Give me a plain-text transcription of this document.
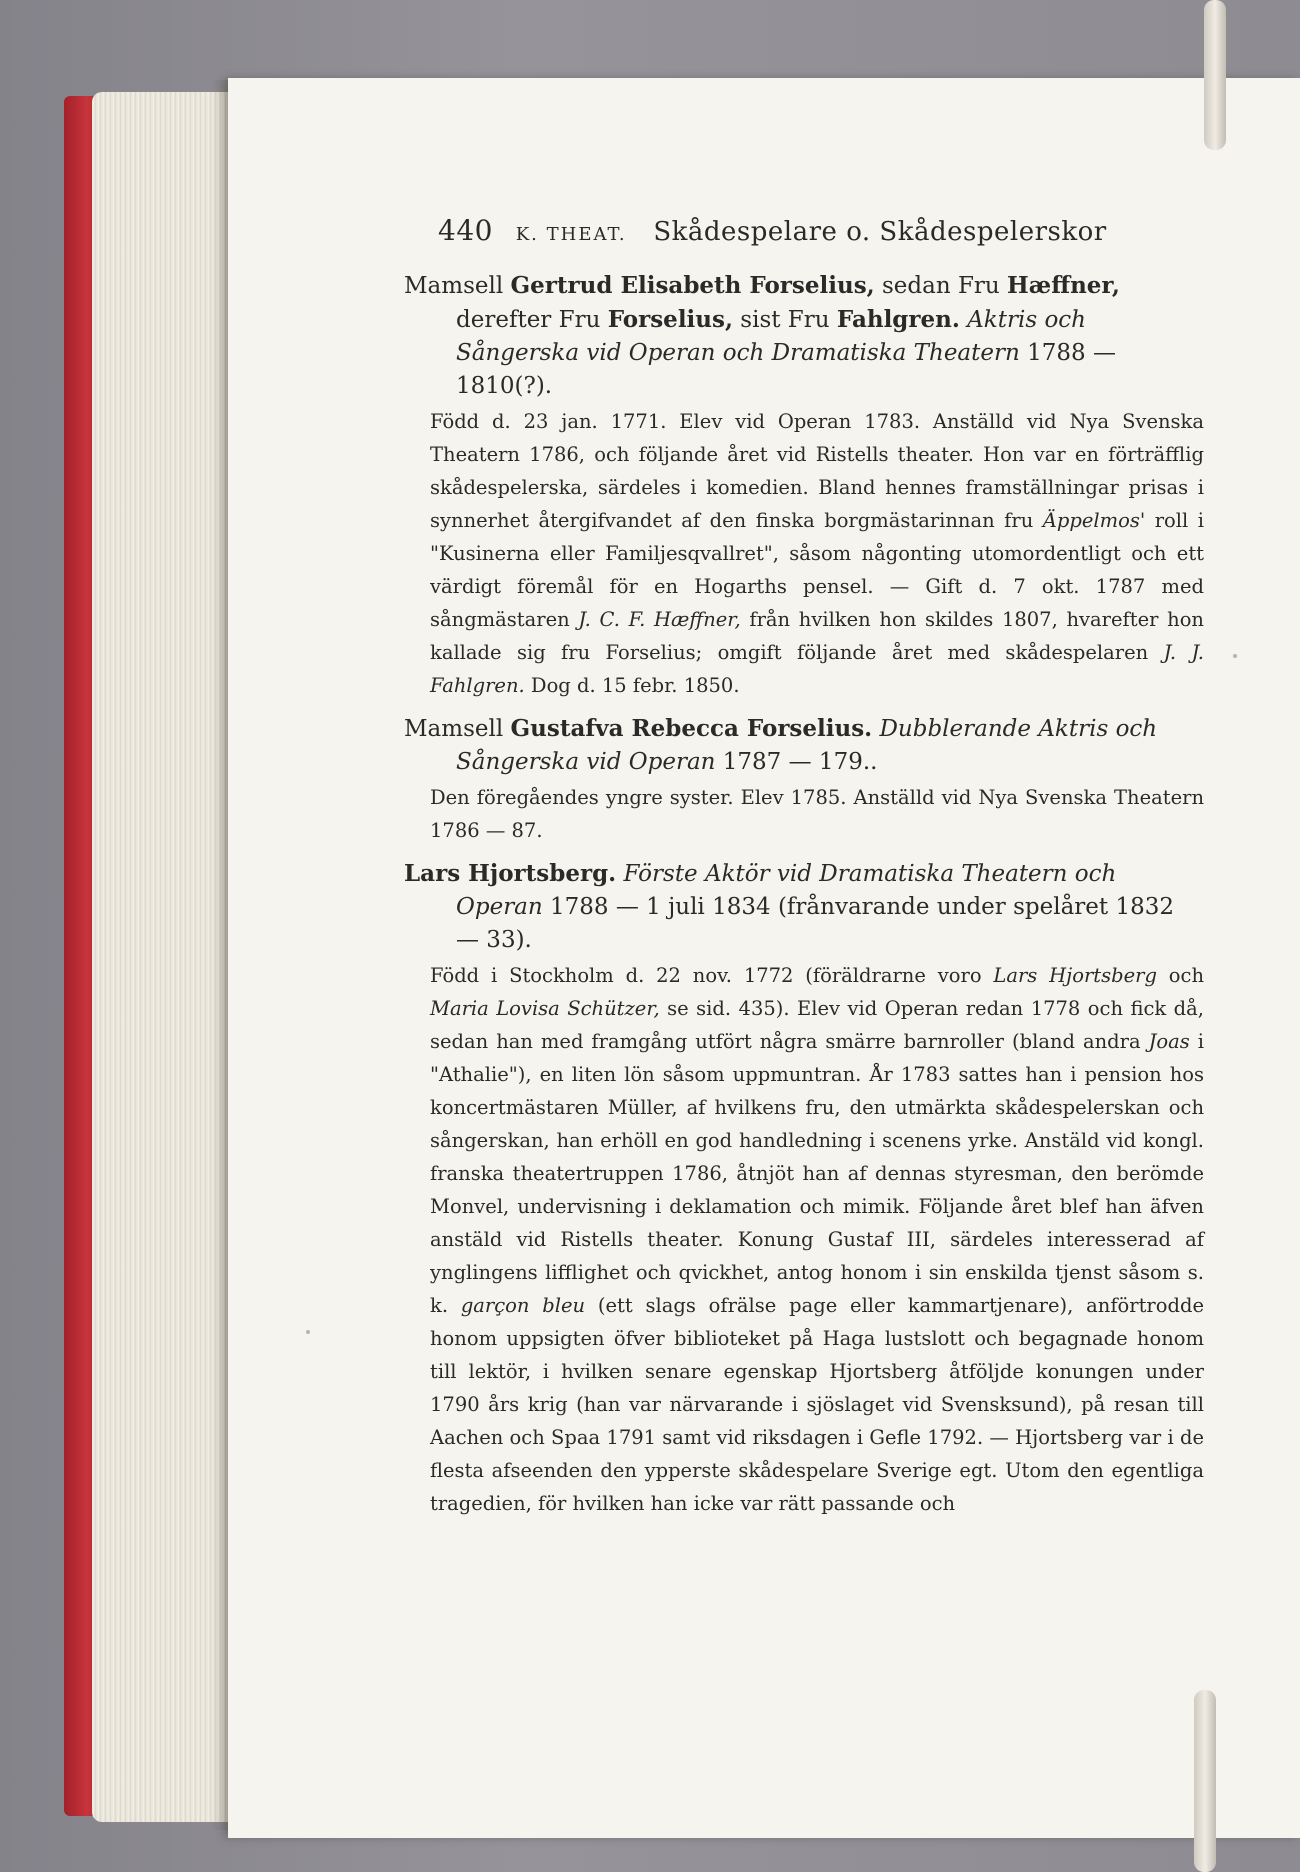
440 K. THEAT. Skådespelare o. Skådespelerskor
Mamsell Gertrud Elisabeth Forselius, sedan Fru Hæffner, derefter Fru Forselius, sist Fru Fahlgren. Aktris och Sångerska vid Operan och Dramatiska Theatern 1788 — 1810(?).
Född d. 23 jan. 1771. Elev vid Operan 1783. Anställd vid Nya Svenska Theatern 1786, och följande året vid Ristells theater. Hon var en förträfflig skådespelerska, särdeles i komedien. Bland hennes framställningar prisas i synnerhet återgifvandet af den finska borgmästarinnan fru Äppelmos' roll i "Kusinerna eller Familjesqvallret", såsom någonting utomordentligt och ett värdigt föremål för en Hogarths pensel. — Gift d. 7 okt. 1787 med sångmästaren J. C. F. Hæffner, från hvilken hon skildes 1807, hvarefter hon kallade sig fru Forselius; omgift följande året med skådespelaren J. J. Fahlgren. Dog d. 15 febr. 1850.
Mamsell Gustafva Rebecca Forselius. Dubblerande Aktris och Sångerska vid Operan 1787 — 179..
Den föregåendes yngre syster. Elev 1785. Anställd vid Nya Svenska Theatern 1786 — 87.
Lars Hjortsberg. Förste Aktör vid Dramatiska Theatern och Operan 1788 — 1 juli 1834 (frånvarande under spelåret 1832 — 33).
Född i Stockholm d. 22 nov. 1772 (föräldrarne voro Lars Hjortsberg och Maria Lovisa Schützer, se sid. 435). Elev vid Operan redan 1778 och fick då, sedan han med framgång utfört några smärre barnroller (bland andra Joas i "Athalie"), en liten lön såsom uppmuntran. År 1783 sattes han i pension hos koncertmästaren Müller, af hvilkens fru, den utmärkta skådespelerskan och sångerskan, han erhöll en god handledning i scenens yrke. Anstäld vid kongl. franska theatertruppen 1786, åtnjöt han af dennas styresman, den berömde Monvel, undervisning i deklamation och mimik. Följande året blef han äfven anstäld vid Ristells theater. Konung Gustaf III, särdeles interesserad af ynglingens lifflighet och qvickhet, antog honom i sin enskilda tjenst såsom s. k. garçon bleu (ett slags ofrälse page eller kammartjenare), anförtrodde honom uppsigten öfver biblioteket på Haga lustslott och begagnade honom till lektör, i hvilken senare egenskap Hjortsberg åtföljde konungen under 1790 års krig (han var närvarande i sjöslaget vid Svensksund), på resan till Aachen och Spaa 1791 samt vid riksdagen i Gefle 1792. — Hjortsberg var i de flesta afseenden den ypperste skådespelare Sverige egt. Utom den egentliga tragedien, för hvilken han icke var rätt passande och
